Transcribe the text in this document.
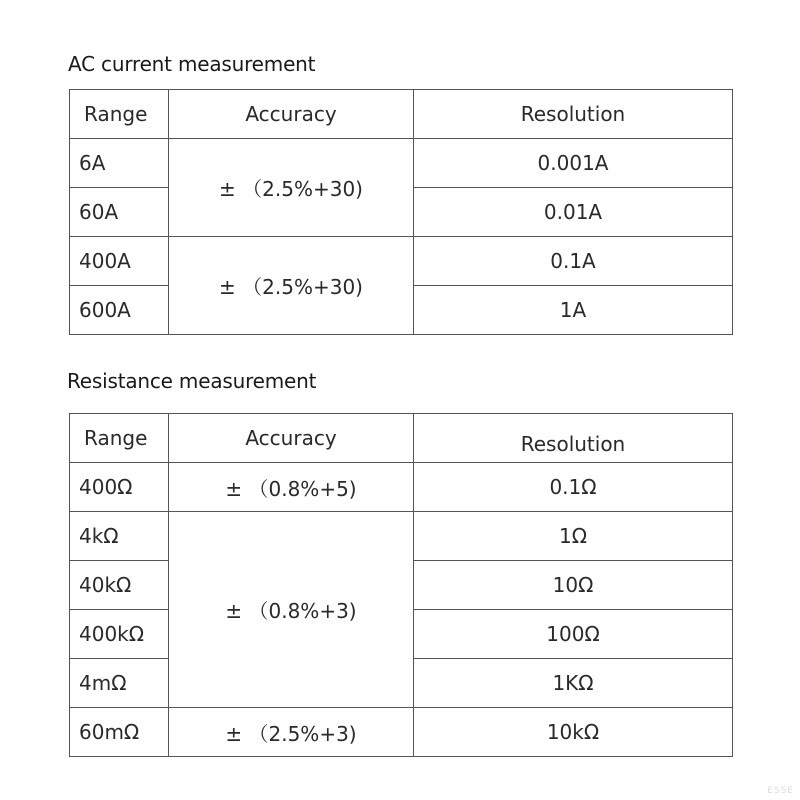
AC current measurement
Range	Accuracy	Resolution
6A	± （2.5%+30)	0.001A
60A		0.01A
400A	± （2.5%+30)	0.1A
600A		1A
Resistance measurement
Range	Accuracy	Resolution
400Ω	± （0.8%+5)	0.1Ω
4kΩ	± （0.8%+3)	1Ω
40kΩ		10Ω
400kΩ		100Ω
4mΩ		1KΩ
60mΩ	± （2.5%+3)	10kΩ
ESSE
